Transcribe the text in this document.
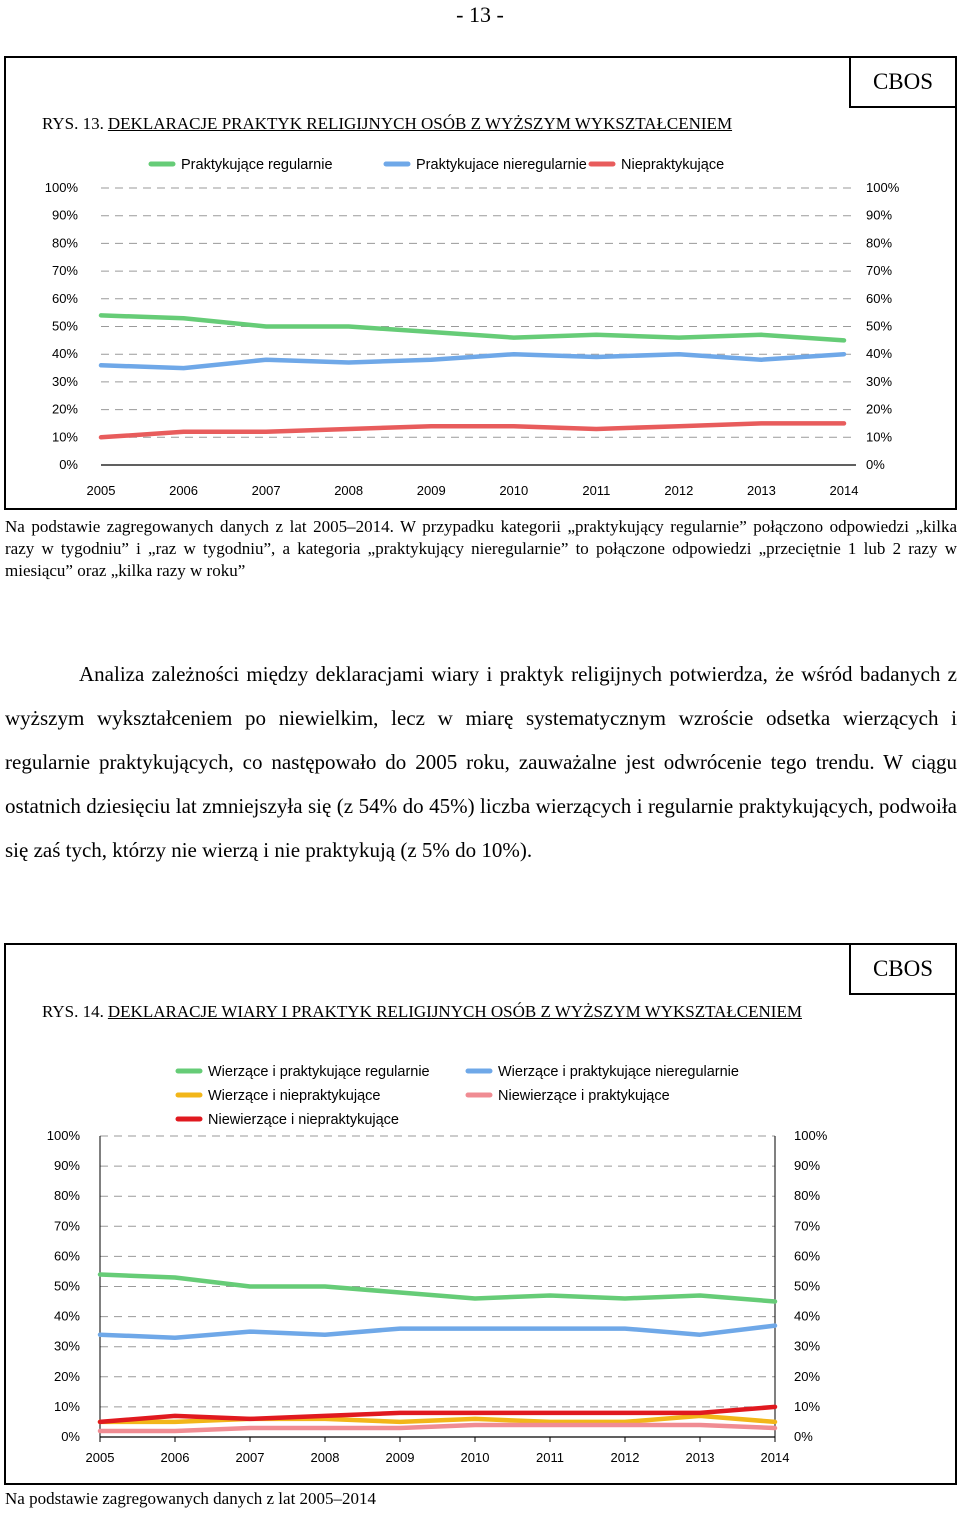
- 13 -
CBOS
RYS. 13. DEKLARACJE PRAKTYK RELIGIJNYCH OSÓB Z WYŻSZYM WYKSZTAŁCENIEM
0%	0%
10%	10%
20%	20%
30%	30%
40%	40%
50%	50%
60%	60%
70%	70%
80%	80%
90%	90%
100%	100%
2005	2006	2007	2008	2009	2010	2011	2012	2013	2014
Praktykujące regularnie	Praktykujace nieregularnie Niepraktykujące
Na podstawie zagregowanych danych z lat 2005–2014. W przypadku kategorii „praktykujący regularnie” połączono odpowiedzi „kilka razy w tygodniu” i „raz w tygodniu”, a kategoria „praktykujący nieregularnie” to połączone odpowiedzi „przeciętnie 1 lub 2 razy w miesiącu” oraz „kilka razy w roku”
Analiza zależności między deklaracjami wiary i praktyk religijnych potwierdza, że wśród badanych z wyższym wykształceniem po niewielkim, lecz w miarę systematycznym wzroście odsetka wierzących i regularnie praktykujących, co następowało do 2005 roku, zauważalne jest odwrócenie tego trendu. W ciągu ostatnich dziesięciu lat zmniejszyła się (z 54% do 45%) liczba wierzących i regularnie praktykujących, podwoiła się zaś tych, którzy nie wierzą i nie praktykują (z 5% do 10%).
CBOS
RYS. 14. DEKLARACJE WIARY I PRAKTYK RELIGIJNYCH OSÓB Z WYŻSZYM WYKSZTAŁCENIEM
0%	0%
10%	10%
20%	20%
30%	30%
40%	40%
50%	50%
60%	60%
70%	70%
80%	80%
90%	90%
100%	100%
2005	2006	2007	2008	2009	2010	2011	2012	2013	2014
Wierzące i praktykujące regularnie	Wierzące i praktykujące nieregularnie
Wierzące i niepraktykujące	Niewierzące i praktykujące
Niewierzące i niepraktykujące
Na podstawie zagregowanych danych z lat 2005–2014
